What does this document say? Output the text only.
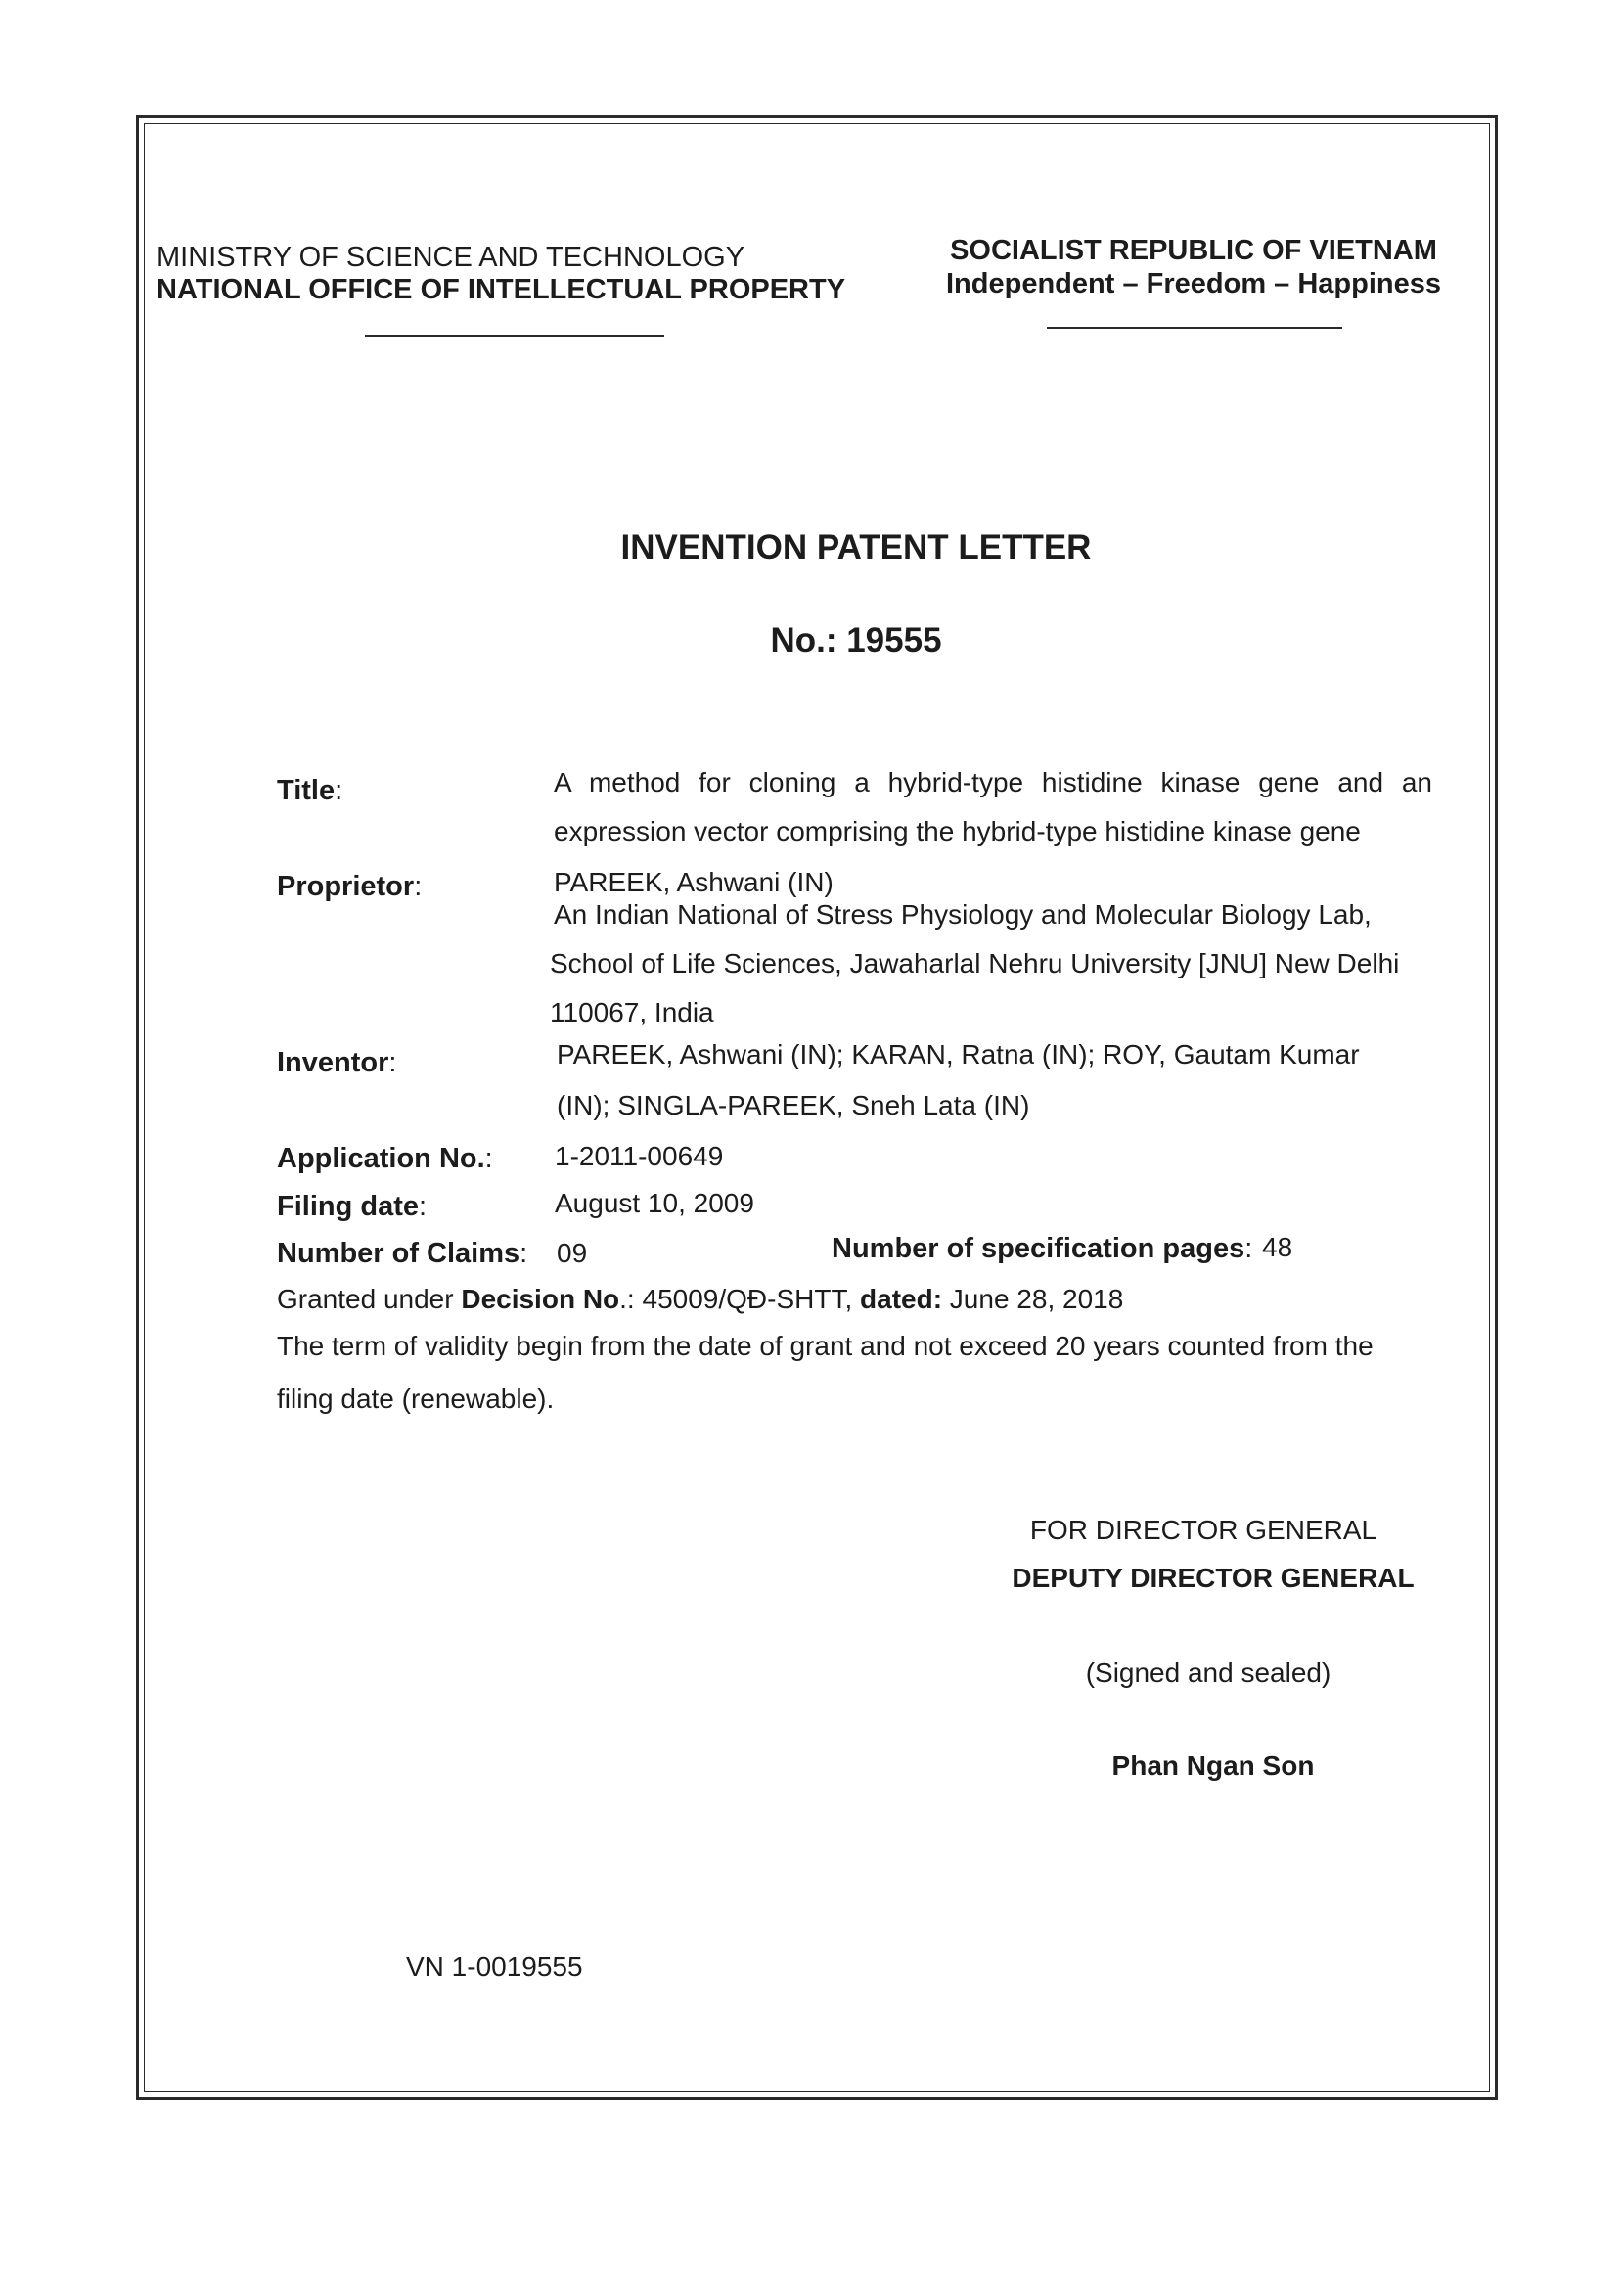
MINISTRY OF SCIENCE AND TECHNOLOGY
NATIONAL OFFICE OF INTELLECTUAL PROPERTY
SOCIALIST REPUBLIC OF VIETNAM
Independent – Freedom – Happiness
INVENTION PATENT LETTER
No.: 19555
Title:	A method for cloning a hybrid-type histidine kinase gene and an
expression vector comprising the hybrid-type histidine kinase gene
Proprietor:	PAREEK, Ashwani (IN)
An Indian National of Stress Physiology and Molecular Biology Lab,
School of Life Sciences, Jawaharlal Nehru University [JNU] New Delhi
110067, India
Inventor:	PAREEK, Ashwani (IN); KARAN, Ratna (IN); ROY, Gautam Kumar
(IN); SINGLA-PAREEK, Sneh Lata (IN)
Application No.: 1-2011-00649
Filing date:	August 10, 2009
Number of Claims: 09	Number of specification pages: 48
Granted under Decision No.: 45009/QĐ-SHTT, dated: June 28, 2018
The term of validity begin from the date of grant and not exceed 20 years counted from the
filing date (renewable).
FOR DIRECTOR GENERAL
DEPUTY DIRECTOR GENERAL
(Signed and sealed)
Phan Ngan Son
VN 1-0019555
